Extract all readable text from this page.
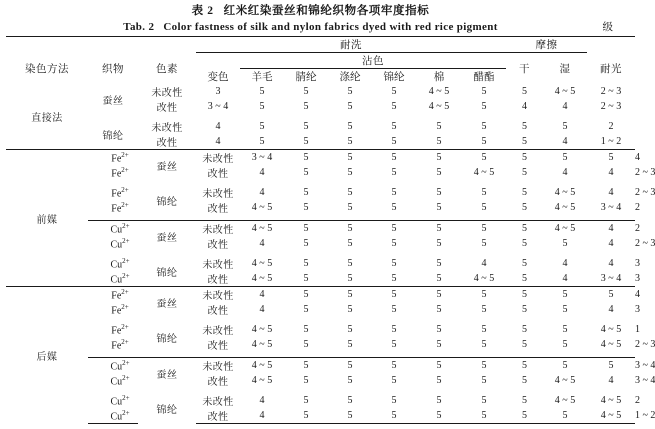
表 2 红米红染蚕丝和锦纶织物各项牢度指标
Tab. 2 Color fastness of silk and nylon fabrics dyed with red rice pigment	级
			耐洗							摩擦			
染色方法	织物	色素		沾色						干	湿	耐光	
			变色	羊毛	腈纶	涤纶	锦纶	棉	醋酯				
直接法	蚕丝	未改性	3	5	5	5	5	4 ~ 5	5	5	4 ~ 5	2 ~ 3	
		改性	3 ~ 4	5	5	5	5	4 ~ 5	5	4	4	2 ~ 3	

	锦纶	未改性	4	5	5	5	5	5	5	5	5	2	
		改性	4	5	5	5	5	5	5	5	4	1 ~ 2	
前媒	$Fe^{2+}$	蚕丝	未改性	3 ~ 4	5	5	5	5	5	5	5	5	4
	$Fe^{2+}$		改性	4	5	5	5	5	4 ~ 5	5	4	4	2 ~ 3

	$Fe^{2+}$	锦纶	未改性	4	5	5	5	5	5	5	4 ~ 5	4	2 ~ 3
	$Fe^{2+}$		改性	4 ~ 5	5	5	5	5	5	5	4 ~ 5	3 ~ 4	2

	$Cu^{2+}$	蚕丝	未改性	4 ~ 5	5	5	5	5	5	5	4 ~ 5	4	2
	$Cu^{2+}$		改性	4	5	5	5	5	5	5	5	4	2 ~ 3

	$Cu^{2+}$	锦纶	未改性	4 ~ 5	5	5	5	5	4	5	4	4	3
	$Cu^{2+}$		改性	4 ~ 5	5	5	5	5	4 ~ 5	5	4	3 ~ 4	3
后媒	$Fe^{2+}$	蚕丝	未改性	4	5	5	5	5	5	5	5	5	4
	$Fe^{2+}$		改性	4	5	5	5	5	5	5	5	4	3

	$Fe^{2+}$	锦纶	未改性	4 ~ 5	5	5	5	5	5	5	5	4 ~ 5	1
	$Fe^{2+}$		改性	4 ~ 5	5	5	5	5	5	5	5	4 ~ 5	2 ~ 3

	$Cu^{2+}$	蚕丝	未改性	4 ~ 5	5	5	5	5	5	5	5	5	3 ~ 4
	$Cu^{2+}$		改性	4 ~ 5	5	5	5	5	5	5	4 ~ 5	4	3 ~ 4

	$Cu^{2+}$	锦纶	未改性	4	5	5	5	5	5	5	4 ~ 5	4 ~ 5	2
	$Cu^{2+}$		改性	4	5	5	5	5	5	5	5	4 ~ 5	1 ~ 2
